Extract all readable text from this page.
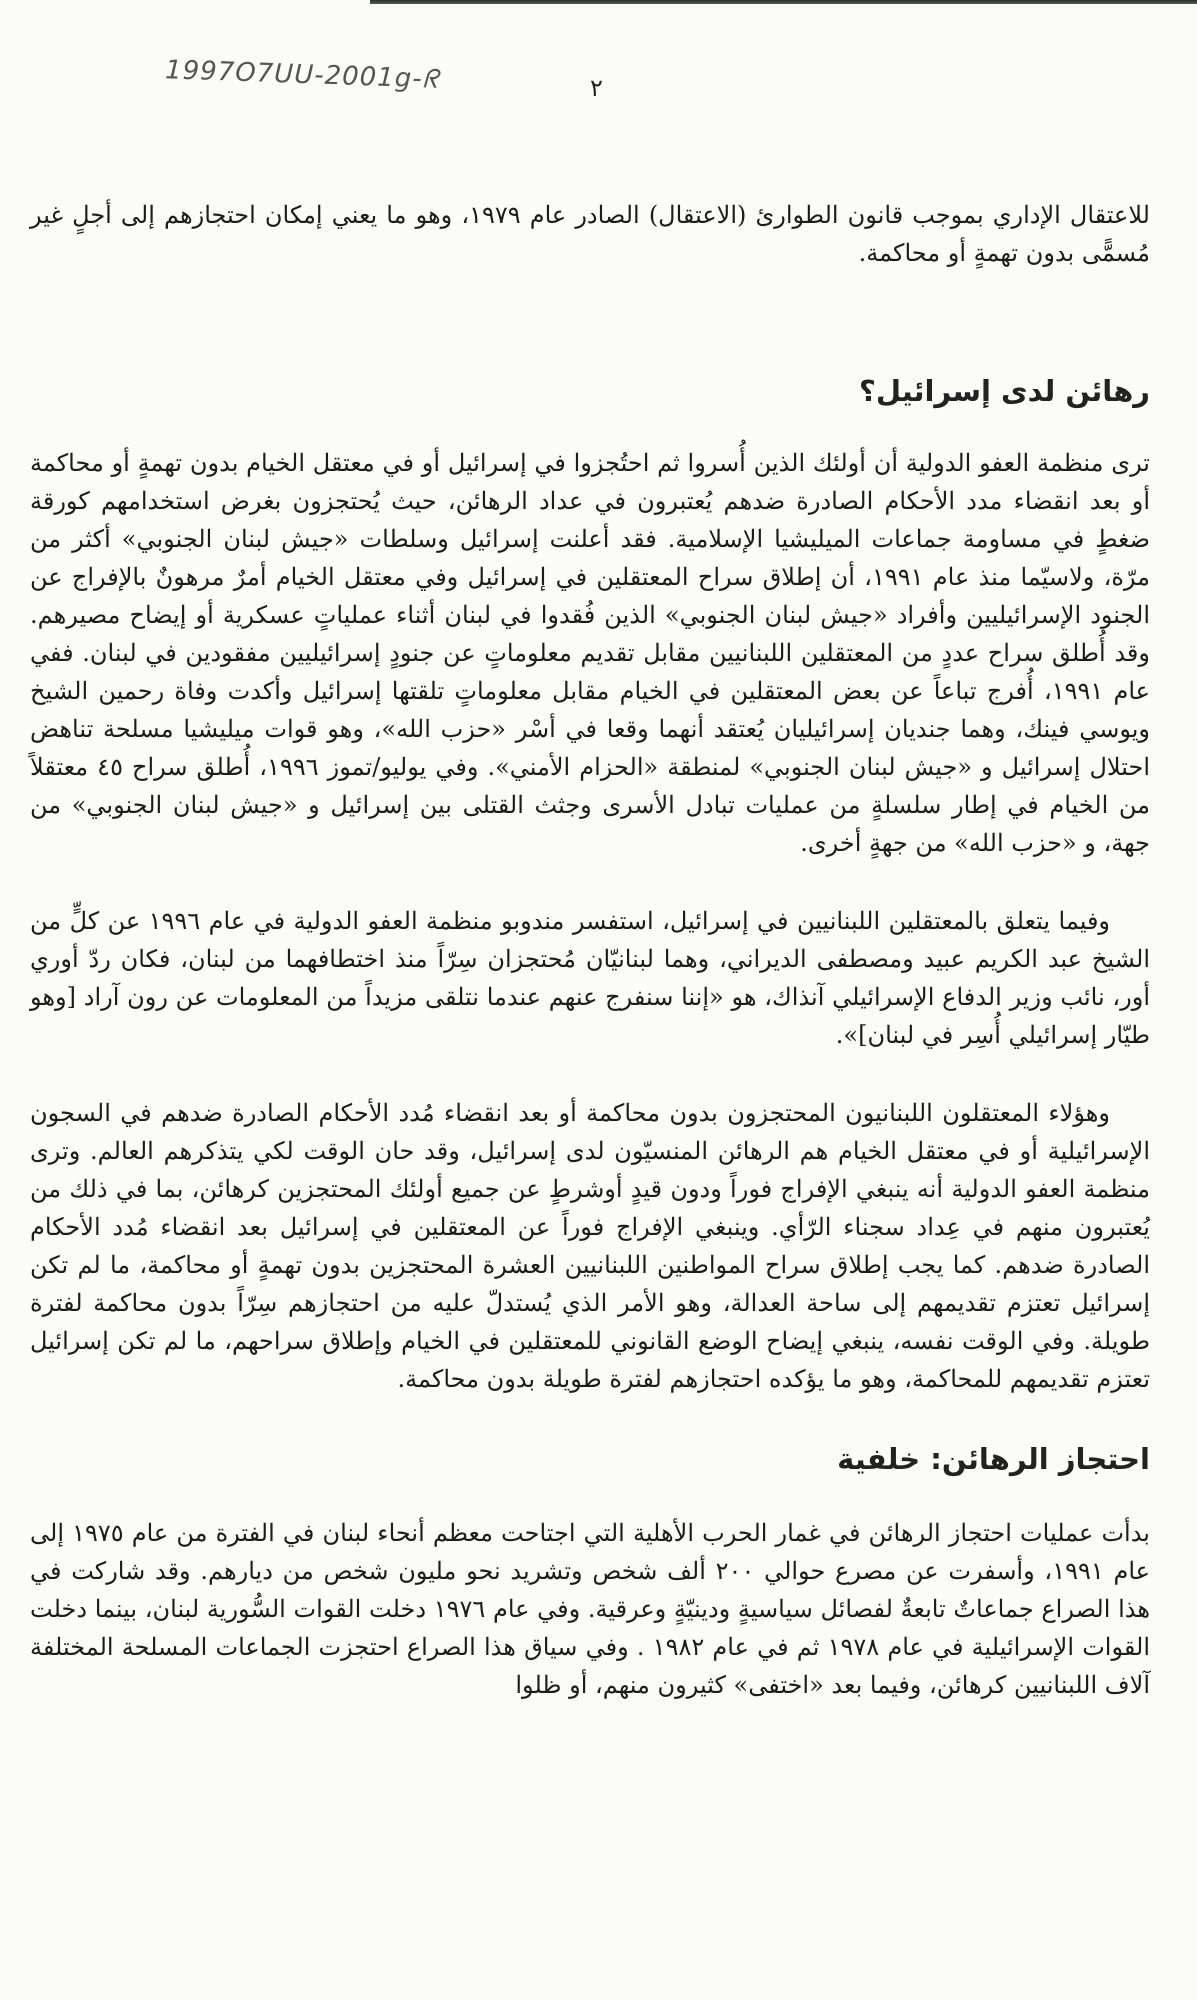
1997O7UU-2001g-ᖇ	٢

للاعتقال الإداري بموجب قانون الطوارئ (الاعتقال) الصادر عام ١٩٧٩، وهو ما يعني إمكان احتجازهم إلى أجلٍ غير مُسمًّى بدون تهمةٍ أو محاكمة.

رهائن لدى إسرائيل؟

ترى منظمة العفو الدولية أن أولئك الذين أُسروا ثم احتُجزوا في إسرائيل أو في معتقل الخيام بدون تهمةٍ أو محاكمة أو بعد انقضاء مدد الأحكام الصادرة ضدهم يُعتبرون في عداد الرهائن، حيث يُحتجزون بغرض استخدامهم كورقة ضغطٍ في مساومة جماعات الميليشيا الإسلامية. فقد أعلنت إسرائيل وسلطات «جيش لبنان الجنوبي» أكثر من مرّة، ولاسيّما منذ عام ١٩٩١، أن إطلاق سراح المعتقلين في إسرائيل وفي معتقل الخيام أمرٌ مرهونٌ بالإفراج عن الجنود الإسرائيليين وأفراد «جيش لبنان الجنوبي» الذين فُقدوا في لبنان أثناء عملياتٍ عسكرية أو إيضاح مصيرهم. وقد أُطلق سراح عددٍ من المعتقلين اللبنانيين مقابل تقديم معلوماتٍ عن جنودٍ إسرائيليين مفقودين في لبنان. ففي عام ١٩٩١، أُفرج تباعاً عن بعض المعتقلين في الخيام مقابل معلوماتٍ تلقتها إسرائيل وأكدت وفاة رحمين الشيخ ويوسي فينك، وهما جنديان إسرائيليان يُعتقد أنهما وقعا في أسْر «حزب الله»، وهو قوات ميليشيا مسلحة تناهض احتلال إسرائيل و «جيش لبنان الجنوبي» لمنطقة «الحزام الأمني». وفي يوليو/تموز ١٩٩٦، أُطلق سراح ٤٥ معتقلاً من الخيام في إطار سلسلةٍ من عمليات تبادل الأسرى وجثث القتلى بين إسرائيل و «جيش لبنان الجنوبي» من جهة، و «حزب الله» من جهةٍ أخرى.

وفيما يتعلق بالمعتقلين اللبنانيين في إسرائيل، استفسر مندوبو منظمة العفو الدولية في عام ١٩٩٦ عن كلٍّ من الشيخ عبد الكريم عبيد ومصطفى الديراني، وهما لبنانيّان مُحتجزان سِرّاً منذ اختطافهما من لبنان، فكان ردّ أوري أور، نائب وزير الدفاع الإسرائيلي آنذاك، هو «إننا سنفرج عنهم عندما نتلقى مزيداً من المعلومات عن رون آراد [وهو طيّار إسرائيلي أُسِر في لبنان]».

وهؤلاء المعتقلون اللبنانيون المحتجزون بدون محاكمة أو بعد انقضاء مُدد الأحكام الصادرة ضدهم في السجون الإسرائيلية أو في معتقل الخيام هم الرهائن المنسيّون لدى إسرائيل، وقد حان الوقت لكي يتذكرهم العالم. وترى منظمة العفو الدولية أنه ينبغي الإفراج فوراً ودون قيدٍ أوشرطٍ عن جميع أولئك المحتجزين كرهائن، بما في ذلك من يُعتبرون منهم في عِداد سجناء الرّأي. وينبغي الإفراج فوراً عن المعتقلين في إسرائيل بعد انقضاء مُدد الأحكام الصادرة ضدهم. كما يجب إطلاق سراح المواطنين اللبنانيين العشرة المحتجزين بدون تهمةٍ أو محاكمة، ما لم تكن إسرائيل تعتزم تقديمهم إلى ساحة العدالة، وهو الأمر الذي يُستدلّ عليه من احتجازهم سِرّاً بدون محاكمة لفترة طويلة. وفي الوقت نفسه، ينبغي إيضاح الوضع القانوني للمعتقلين في الخيام وإطلاق سراحهم، ما لم تكن إسرائيل تعتزم تقديمهم للمحاكمة، وهو ما يؤكده احتجازهم لفترة طويلة بدون محاكمة.

احتجاز الرهائن: خلفية

بدأت عمليات احتجاز الرهائن في غمار الحرب الأهلية التي اجتاحت معظم أنحاء لبنان في الفترة من عام ١٩٧٥ إلى عام ١٩٩١، وأسفرت عن مصرع حوالي ٢٠٠ ألف شخص وتشريد نحو مليون شخص من ديارهم. وقد شاركت في هذا الصراع جماعاتٌ تابعةٌ لفصائل سياسيةٍ ودينيّةٍ وعرقية. وفي عام ١٩٧٦ دخلت القوات السُّورية لبنان، بينما دخلت القوات الإسرائيلية في عام ١٩٧٨ ثم في عام ١٩٨٢ . وفي سياق هذا الصراع احتجزت الجماعات المسلحة المختلفة آلاف اللبنانيين كرهائن، وفيما بعد «اختفى» كثيرون منهم، أو ظلوا
